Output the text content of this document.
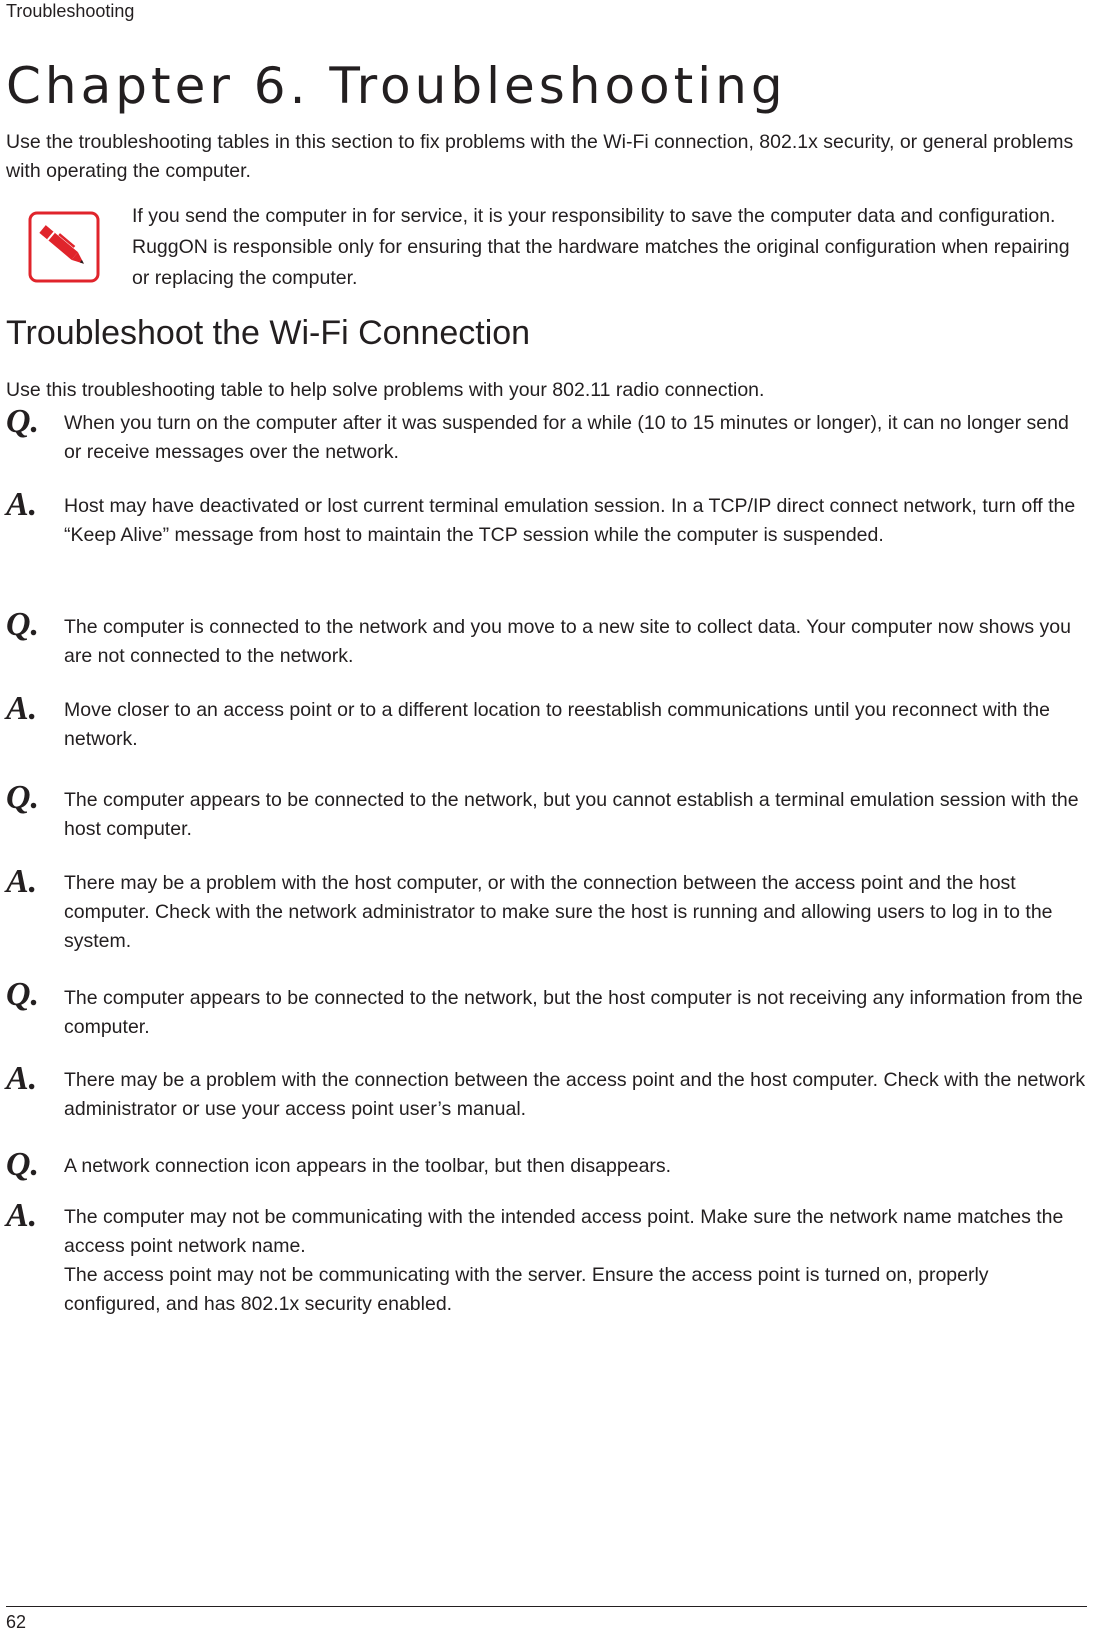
Troubleshooting
Chapter 6. Troubleshooting

Use the troubleshooting tables in this section to fix problems with the Wi-Fi connection, 802.1x security, or general problems with operating the computer.

If you send the computer in for service, it is your responsibility to save the computer data and configuration. RuggON is responsible only for ensuring that the hardware matches the original configuration when repairing or replacing the computer.

Troubleshoot the Wi-Fi Connection

Use this troubleshooting table to help solve problems with your 802.11 radio connection.

Q. When you turn on the computer after it was suspended for a while (10 to 15 minutes or longer), it can no longer send or receive messages over the network.

A. Host may have deactivated or lost current terminal emulation session. In a TCP/IP direct connect network, turn off the “Keep Alive” message from host to maintain the TCP session while the computer is suspended.

Q. The computer is connected to the network and you move to a new site to collect data. Your computer now shows you are not connected to the network.

A. Move closer to an access point or to a different location to reestablish communications until you reconnect with the network.

Q. The computer appears to be connected to the network, but you cannot establish a terminal emulation session with the host computer.

A. There may be a problem with the host computer, or with the connection between the access point and the host computer. Check with the network administrator to make sure the host is running and allowing users to log in to the system.

Q. The computer appears to be connected to the network, but the host computer is not receiving any information from the computer.

A. There may be a problem with the connection between the access point and the host computer. Check with the network administrator or use your access point user’s manual.

Q. A network connection icon appears in the toolbar, but then disappears.

A. The computer may not be communicating with the intended access point. Make sure the network name matches the access point network name.

The access point may not be communicating with the server. Ensure the access point is turned on, properly configured, and has 802.1x security enabled.

62
